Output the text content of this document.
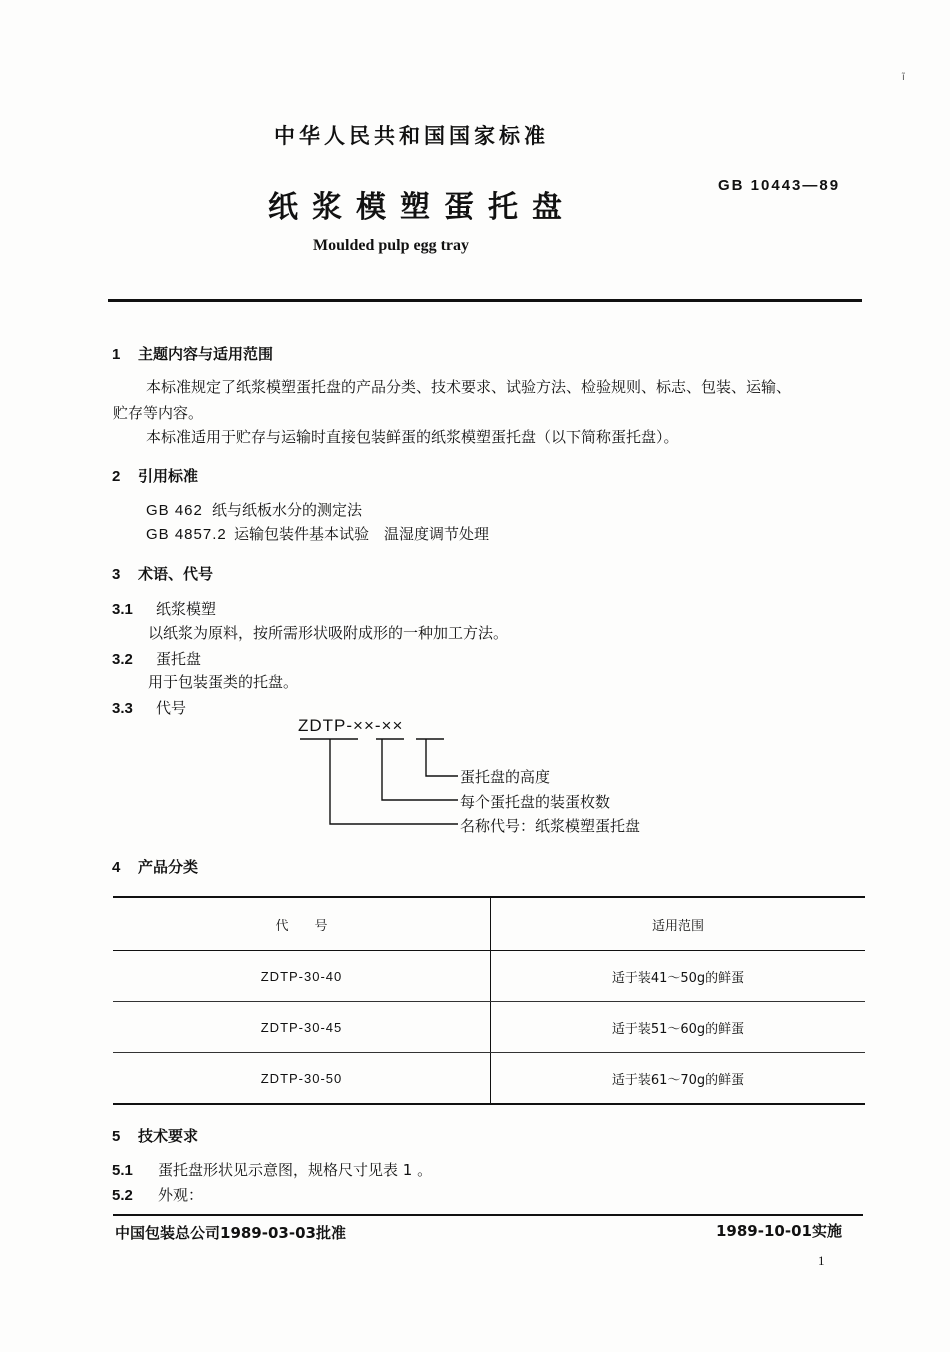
ĩ
中华人民共和国国家标准
GB 10443—89
纸浆模塑蛋托盘
Moulded pulp egg tray
1 主题内容与适用范围
本标准规定了纸浆模塑蛋托盘的产品分类、技术要求、试验方法、检验规则、标志、包装、运输、
贮存等内容。
本标准适用于贮存与运输时直接包装鲜蛋的纸浆模塑蛋托盘（以下简称蛋托盘）。
2 引用标准
GB 462 纸与纸板水分的测定法
GB 4857.2 运输包装件基本试验　温湿度调节处理
3 术语、代号
3.1 纸浆模塑
以纸浆为原料，按所需形状吸附成形的一种加工方法。
3.2 蛋托盘
用于包装蛋类的托盘。
3.3 代号
ZDTP-××-××
蛋托盘的高度
每个蛋托盘的装蛋枚数
名称代号：纸浆模塑蛋托盘
4 产品分类
代　　号	适用范围
ZDTP-30-40	适于装41～50g的鲜蛋
ZDTP-30-45	适于装51～60g的鲜蛋
ZDTP-30-50	适于装61～70g的鲜蛋
5 技术要求
5.1 蛋托盘形状见示意图，规格尺寸见表 1 。
5.2 外观：
中国包装总公司1989-03-03批准	1989-10-01实施
1
